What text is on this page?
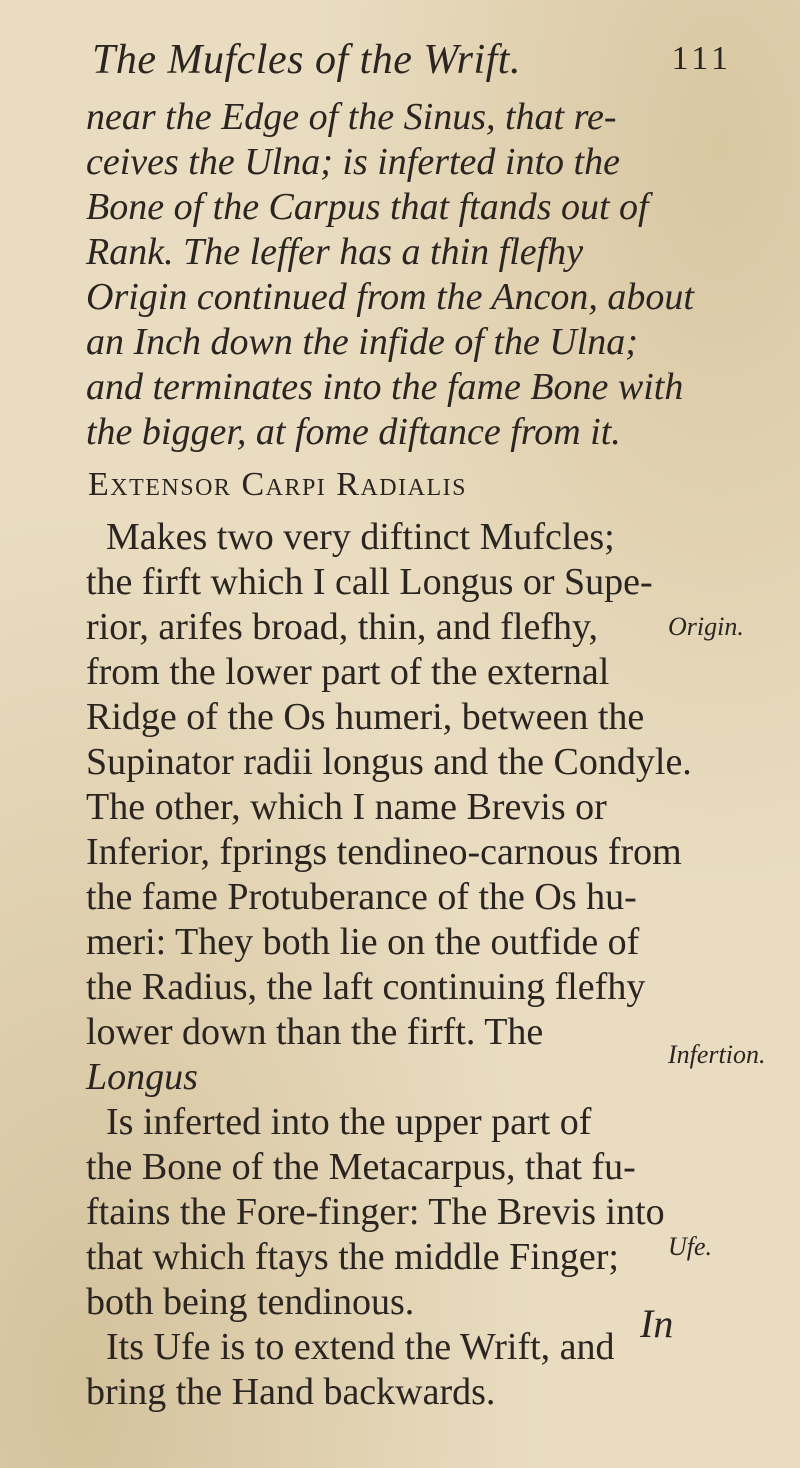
The Mufcles of the Wrift.	111
near the Edge of the Sinus, that re-
ceives the Ulna; is inferted into the
Bone of the Carpus that ftands out of
Rank. The leffer has a thin flefhy
Origin continued from the Ancon, about
an Inch down the infide of the Ulna;
and terminates into the fame Bone with
the bigger, at fome diftance from it.
Extensor Carpi Radialis
Makes two very diftinct Mufcles;
the firft which I call Longus or Supe-
rior, arifes broad, thin, and flefhy,
from the lower part of the external
Ridge of the Os humeri, between the
Supinator radii longus and the Condyle.
The other, which I name Brevis or
Inferior, fprings tendineo-carnous from
the fame Protuberance of the Os hu-
meri: They both lie on the outfide of
the Radius, the laft continuing flefhy
lower down than the firft. The
Longus
Is inferted into the upper part of
the Bone of the Metacarpus, that fu-
ftains the Fore-finger: The Brevis into
that which ftays the middle Finger;
both being tendinous.
Its Ufe is to extend the Wrift, and
bring the Hand backwards.
Origin.
Infertion.
Ufe.
In
